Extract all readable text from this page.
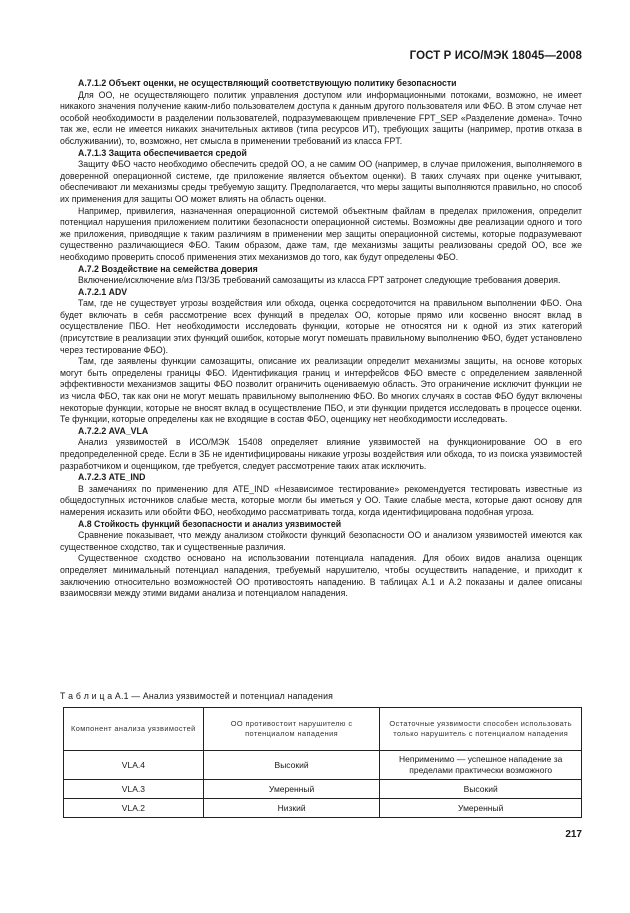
ГОСТ Р ИСО/МЭК 18045—2008

А.7.1.2 Объект оценки, не осуществляющий соответствующую политику безопасности

Для ОО, не осуществляющего политик управления доступом или информационными потоками, возможно, не имеет никакого значения получение каким-либо пользователем доступа к данным другого пользователя или ФБО. В этом случае нет особой необходимости в разделении пользователей, подразумевающем привлечение FPT_SEP «Разделение домена». Точно так же, если не имеется никаких значительных активов (типа ресурсов ИТ), требующих защиты (например, против отказа в обслуживании), то, возможно, нет смысла в применении требований из класса FPT.

А.7.1.3 Защита обеспечивается средой

Защиту ФБО часто необходимо обеспечить средой ОО, а не самим ОО (например, в случае приложения, выполняемого в доверенной операционной системе, где приложение является объектом оценки). В таких случаях при оценке учитывают, обеспечивают ли механизмы среды требуемую защиту. Предполагается, что меры защиты выполняются правильно, но способ их применения для защиты ОО может влиять на область оценки.

Например, привилегия, назначенная операционной системой объектным файлам в пределах приложения, определит потенциал нарушения приложением политики безопасности операционной системы. Возможны две реализации одного и того же приложения, приводящие к таким различиям в применении мер защиты операционной системы, которые подразумевают существенно различающиеся ФБО. Таким образом, даже там, где механизмы защиты реализованы средой ОО, все же необходимо проверить способ применения этих механизмов до того, как будут определены ФБО.

А.7.2 Воздействие на семейства доверия

Включение/исключение в/из ПЗ/ЗБ требований самозащиты из класса FPT затронет следующие требования доверия.

А.7.2.1 ADV

Там, где не существует угрозы воздействия или обхода, оценка сосредоточится на правильном выполнении ФБО. Она будет включать в себя рассмотрение всех функций в пределах ОО, которые прямо или косвенно вносят вклад в осуществление ПБО. Нет необходимости исследовать функции, которые не относятся ни к одной из этих категорий (присутствие в реализации этих функций ошибок, которые могут помешать правильному выполнению ФБО, будет установлено через тестирование ФБО).

Там, где заявлены функции самозащиты, описание их реализации определит механизмы защиты, на основе которых могут быть определены границы ФБО. Идентификация границ и интерфейсов ФБО вместе с определением заявленной эффективности механизмов защиты ФБО позволит ограничить оцениваемую область. Это ограничение исключит функции не из числа ФБО, так как они не могут мешать правильному выполнению ФБО. Во многих случаях в состав ФБО будут включены некоторые функции, которые не вносят вклад в осуществление ПБО, и эти функции придется исследовать в процессе оценки. Те функции, которые определены как не входящие в состав ФБО, оценщику нет необходимости исследовать.

А.7.2.2 AVA_VLA

Анализ уязвимостей в ИСО/МЭК 15408 определяет влияние уязвимостей на функционирование ОО в его предопределенной среде. Если в ЗБ не идентифицированы никакие угрозы воздействия или обхода, то из поиска уязвимостей разработчиком и оценщиком, где требуется, следует рассмотрение таких атак исключить.

А.7.2.3 ATE_IND

В замечаниях по применению для ATE_IND «Независимое тестирование» рекомендуется тестировать известные из общедоступных источников слабые места, которые могли бы иметься у ОО. Такие слабые места, которые дают основу для намерения исказить или обойти ФБО, необходимо рассматривать тогда, когда идентифицирована подобная угроза.

А.8 Стойкость функций безопасности и анализ уязвимостей

Сравнение показывает, что между анализом стойкости функций безопасности ОО и анализом уязвимостей имеются как существенное сходство, так и существенные различия.

Существенное сходство основано на использовании потенциала нападения. Для обоих видов анализа оценщик определяет минимальный потенциал нападения, требуемый нарушителю, чтобы осуществить нападение, и приходит к заключению относительно возможностей ОО противостоять нападению. В таблицах А.1 и А.2 показаны и далее описаны взаимосвязи между этими видами анализа и потенциалом нападения.

Т а б л и ц а А.1 — Анализ уязвимостей и потенциал нападения
Компонент анализа уязвимостей	ОО противостоит нарушителю с потенциалом нападения	Остаточные уязвимости способен использовать только нарушитель с потенциалом нападения
VLA.4	Высокий	Неприменимо — успешное нападение за пределами практически возможного
VLA.3	Умеренный	Высокий
VLA.2	Низкий	Умеренный
217
